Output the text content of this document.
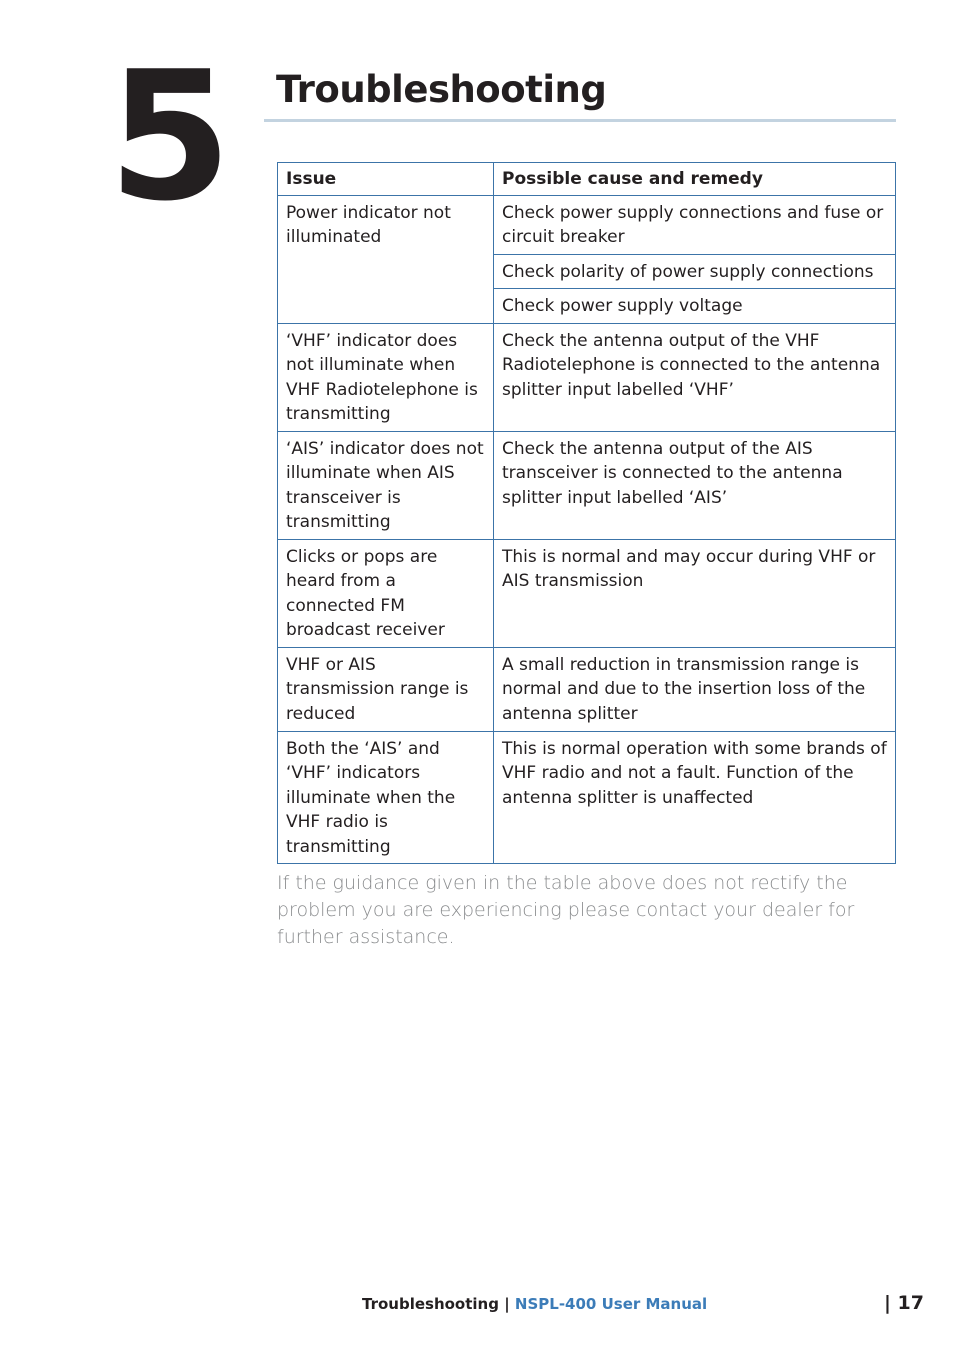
5 Troubleshooting
Issue	Possible cause and remedy
Power indicator not illuminated	Check power supply connections and fuse or circuit breaker
	Check polarity of power supply connections
	Check power supply voltage
‘VHF’ indicator does not illuminate when VHF Radiotelephone is transmitting	Check the antenna output of the VHF Radiotelephone is connected to the antenna splitter input labelled ‘VHF’
‘AIS’ indicator does not illuminate when AIS transceiver is transmitting	Check the antenna output of the AIS transceiver is connected to the antenna splitter input labelled ‘AIS’
Clicks or pops are heard from a connected FM broadcast receiver	This is normal and may occur during VHF or AIS transmission
VHF or AIS transmission range is reduced	A small reduction in transmission range is normal and due to the insertion loss of the antenna splitter
Both the ‘AIS’ and ‘VHF’ indicators illuminate when the VHF radio is transmitting	This is normal operation with some brands of VHF radio and not a fault. Function of the antenna splitter is unaffected

If the guidance given in the table above does not rectify the problem you are experiencing please contact your dealer for further assistance.

Troubleshooting | NSPL-400 User Manual	| 17
